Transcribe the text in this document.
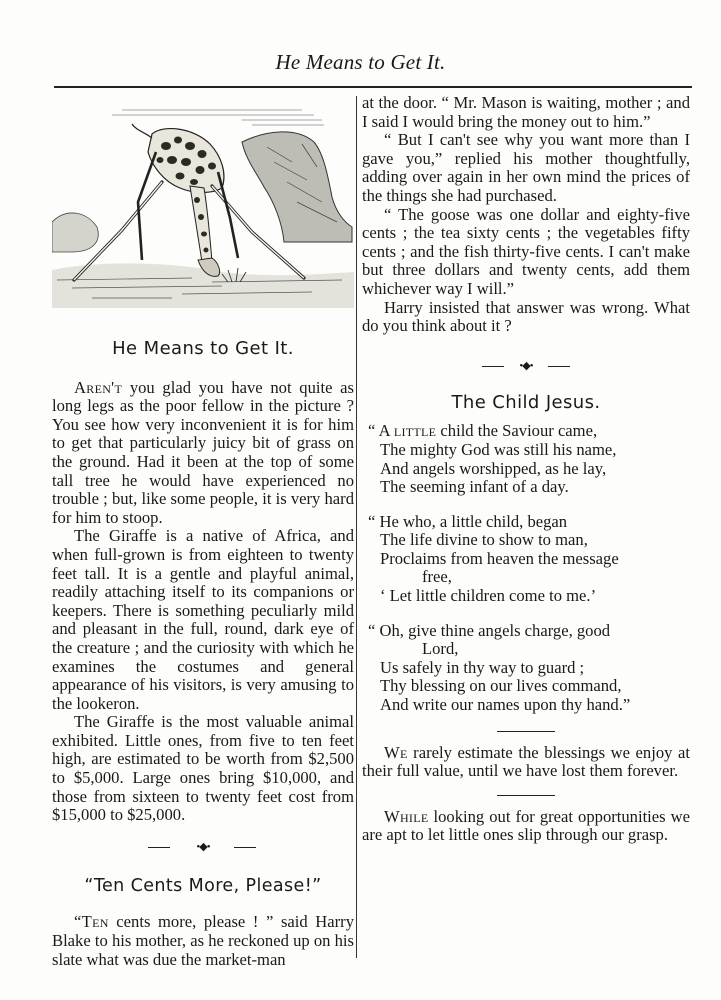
He Means to Get It.
He Means to Get It.

Aren't you glad you have not quite as long legs as the poor fellow in the picture ? You see how very inconvenient it is for him to get that particularly juicy bit of grass on the ground. Had it been at the top of some tall tree he would have experienced no trouble ; but, like some people, it is very hard for him to stoop.

The Giraffe is a native of Africa, and when full-grown is from eighteen to twenty feet tall. It is a gentle and playful animal, readily attaching itself to its companions or keepers. There is something peculiarly mild and pleasant in the full, round, dark eye of the creature ; and the curiosity with which he examines the costumes and general appearance of his visitors, is very amusing to the lookeron.

The Giraffe is the most valuable animal exhibited. Little ones, from five to ten feet high, are estimated to be worth from $2,500 to $5,000. Large ones bring $10,000, and those from sixteen to twenty feet cost from $15,000 to $25,000.

•◆•
“Ten Cents More, Please!”

“Ten cents more, please ! ” said Harry Blake to his mother, as he reckoned up on his slate what was due the market-man

at the door. “ Mr. Mason is waiting, mother ; and I said I would bring the money out to him.”

“ But I can't see why you want more than I gave you,” replied his mother thoughtfully, adding over again in her own mind the prices of the things she had purchased.

“ The goose was one dollar and eighty-five cents ; the tea sixty cents ; the vegetables fifty cents ; and the fish thirty-five cents. I can't make but three dollars and twenty cents, add them whichever way I will.”

Harry insisted that answer was wrong. What do you think about it ?

•◆•
The Child Jesus.
“ A little child the Saviour came,
The mighty God was still his name,
And angels worshipped, as he lay,
The seeming infant of a day.
“ He who, a little child, began
The life divine to show to man,
Proclaims from heaven the message
free,
‘ Let little children come to me.’
“ Oh, give thine angels charge, good
Lord,
Us safely in thy way to guard ;
Thy blessing on our lives command,
And write our names upon thy hand.”

We rarely estimate the blessings we enjoy at their full value, until we have lost them forever.

While looking out for great opportunities we are apt to let little ones slip through our grasp.
